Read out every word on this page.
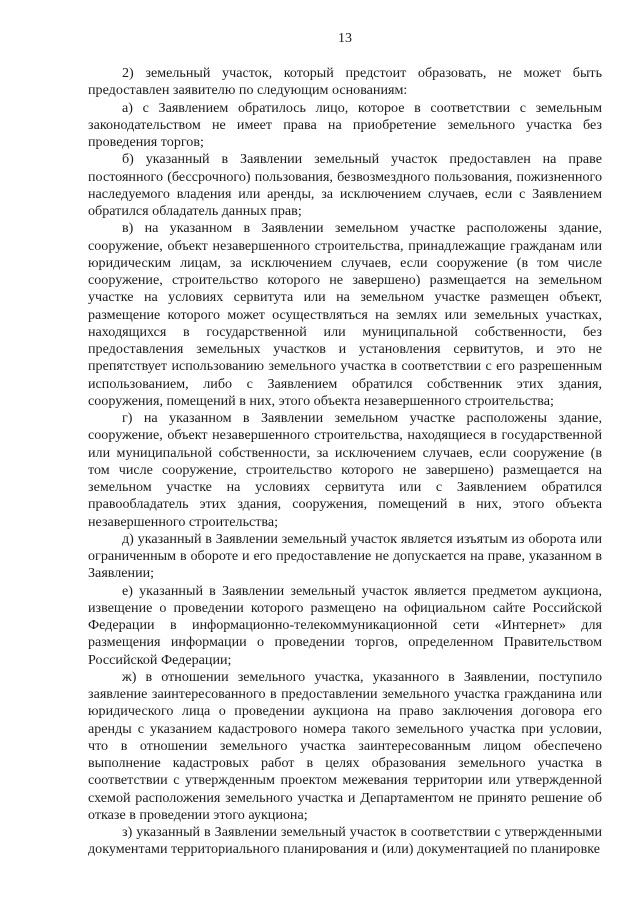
13

2) земельный участок, который предстоит образовать, не может быть предоставлен заявителю по следующим основаниям:

а) с Заявлением обратилось лицо, которое в соответствии с земельным законодательством не имеет права на приобретение земельного участка без проведения торгов;

б) указанный в Заявлении земельный участок предоставлен на праве постоянного (бессрочного) пользования, безвозмездного пользования, пожизненного наследуемого владения или аренды, за исключением случаев, если с Заявлением обратился обладатель данных прав;

в) на указанном в Заявлении земельном участке расположены здание, сооружение, объект незавершенного строительства, принадлежащие гражданам или юридическим лицам, за исключением случаев, если сооружение (в том числе сооружение, строительство которого не завершено) размещается на земельном участке на условиях сервитута или на земельном участке размещен объект, размещение которого может осуществляться на землях или земельных участках, находящихся в государственной или муниципальной собственности, без предоставления земельных участков и установления сервитутов, и это не препятствует использованию земельного участка в соответствии с его разрешенным использованием, либо с Заявлением обратился собственник этих здания, сооружения, помещений в них, этого объекта незавершенного строительства;

г) на указанном в Заявлении земельном участке расположены здание, сооружение, объект незавершенного строительства, находящиеся в государственной или муниципальной собственности, за исключением случаев, если сооружение (в том числе сооружение, строительство которого не завершено) размещается на земельном участке на условиях сервитута или с Заявлением обратился правообладатель этих здания, сооружения, помещений в них, этого объекта незавершенного строительства;

д) указанный в Заявлении земельный участок является изъятым из оборота или ограниченным в обороте и его предоставление не допускается на праве, указанном в Заявлении;

е) указанный в Заявлении земельный участок является предметом аукциона, извещение о проведении которого размещено на официальном сайте Российской Федерации в информационно-телекоммуникационной сети «Интернет» для размещения информации о проведении торгов, определенном Правительством Российской Федерации;

ж) в отношении земельного участка, указанного в Заявлении, поступило заявление заинтересованного в предоставлении земельного участка гражданина или юридического лица о проведении аукциона на право заключения договора его аренды с указанием кадастрового номера такого земельного участка при условии, что в отношении земельного участка заинтересованным лицом обеспечено выполнение кадастровых работ в целях образования земельного участка в соответствии с утвержденным проектом межевания территории или утвержденной схемой расположения земельного участка и Департаментом не принято решение об отказе в проведении этого аукциона;

з) указанный в Заявлении земельный участок в соответствии с утвержденными документами территориального планирования и (или) документацией по планировке
